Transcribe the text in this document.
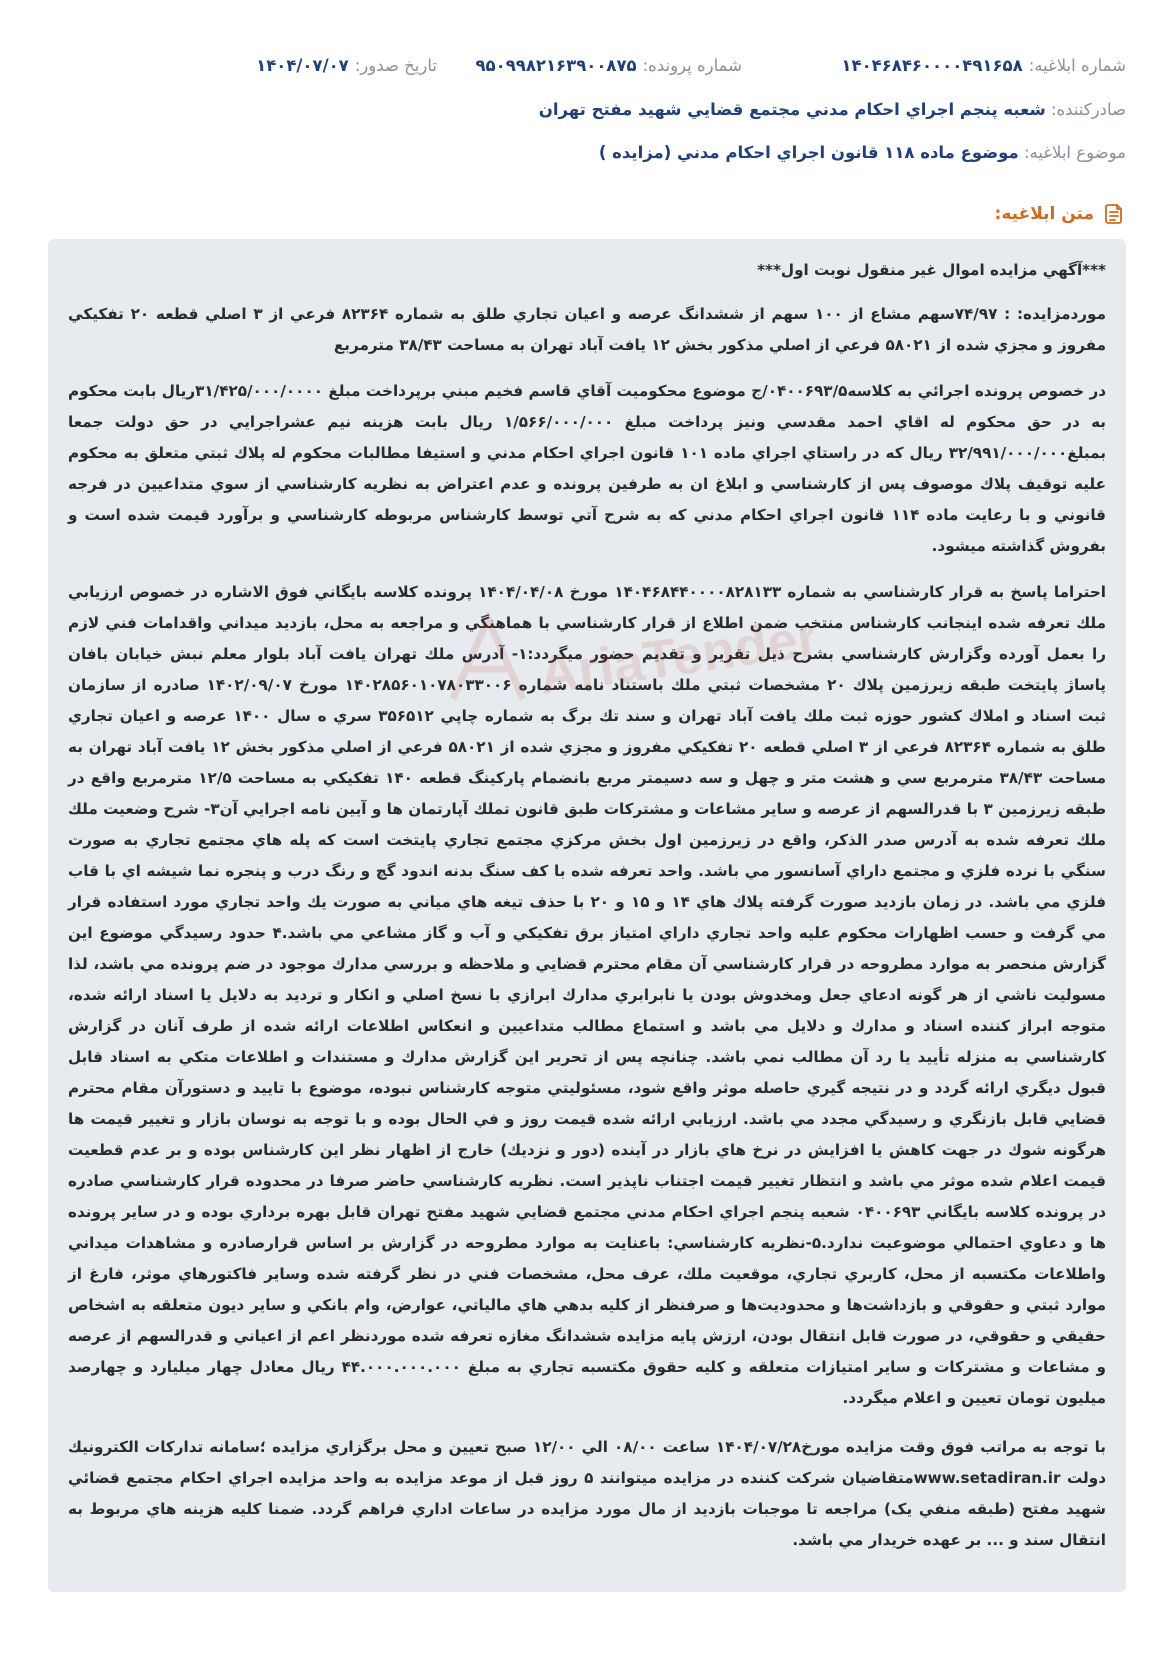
شماره ابلاغيه:
۱۴۰۴۶۸۴۶۰۰۰۰۴۹۱۶۵۸
شماره پرونده:
۹۵۰۹۹۸۲۱۶۳۹۰۰۸۷۵
تاريخ صدور:
۱۴۰۴/۰۷/۰۷
صادرکننده: شعبه پنجم اجراي احكام مدني مجتمع قضايي شهيد مفتح تهران
موضوع ابلاغيه: موضوع ماده ۱۱۸ قانون اجراي احكام مدني (مزايده )
متن ابلاغيه:
AriaTender.neT

***آگهي مزايده اموال غير منقول نوبت اول***

موردمزايده: : ۷۴/۹۷سهم مشاع از ۱۰۰ سهم از ششدانگ عرصه و اعيان تجاري طلق به شماره ۸۲۳۶۴ فرعي از ۳ اصلي قطعه ۲۰ تفكيكي مفروز و مجزي شده از ۵۸۰۲۱ فرعي از اصلي مذكور بخش ۱۲ يافت آباد تهران به مساحت ۳۸/۴۳ مترمربع

در خصوص پرونده اجرائي به كلاسه۰۴۰۰۶۹۳/۵/ج موضوع محكوميت آقاي قاسم فخيم مبني برپرداخت مبلغ ۳۱/۴۲۵/۰۰۰/۰۰۰۰ريال بابت محكوم به در حق محكوم له اقاي احمد مقدسي ونيز پرداخت مبلغ ۱/۵۶۶/۰۰۰/۰۰۰ ريال بابت هزينه نيم عشراجرايي در حق دولت جمعا بمبلغ۳۲/۹۹۱/۰۰۰/۰۰۰ ريال كه در راستاي اجراي ماده ۱۰۱ قانون اجراي احكام مدني و استيفا مطالبات محكوم له پلاك ثبتي متعلق به محكوم عليه توقيف پلاك موصوف پس از كارشناسي و ابلاغ ان به طرفين پرونده و عدم اعتراض به نظريه كارشناسي از سوي متداعيين در فرجه قانوني و با رعايت ماده ۱۱۴ قانون اجراي احكام مدني كه به شرح آتي توسط كارشناس مربوطه كارشناسي و برآورد قيمت شده است و بفروش گذاشته ميشود.

احتراما پاسخ به قرار كارشناسي به شماره ۱۴۰۴۶۸۴۴۰۰۰۰۸۲۸۱۳۳ مورخ ۱۴۰۴/۰۴/۰۸ پرونده كلاسه بايگاني فوق الاشاره در خصوص ارزيابي ملك تعرفه شده اينجانب كارشناس منتخب ضمن اطلاع از قرار كارشناسي با هماهنگي و مراجعه به محل، بازديد ميداني واقدامات فني لازم را بعمل آورده وگزارش كارشناسي بشرح ذيل تقرير و تقديم حضور ميگردد:۱- آدرس ملك تهران يافت آباد بلوار معلم نبش خيابان بافان پاساژ پايتخت طبقه زيرزمين پلاك ۲۰ مشخصات ثبتي ملك باستناد نامه شماره ۱۴۰۲۸۵۶۰۱۰۷۸۰۳۳۰۰۶ مورخ ۱۴۰۲/۰۹/۰۷ صادره از سازمان ثبت اسناد و املاك كشور حوزه ثبت ملك يافت آباد تهران و سند تك برگ به شماره چاپي ۳۵۶۵۱۲ سري ه سال ۱۴۰۰ عرصه و اعيان تجاري طلق به شماره ۸۲۳۶۴ فرعي از ۳ اصلي قطعه ۲۰ تفكيكي مفروز و مجزي شده از ۵۸۰۲۱ فرعي از اصلي مذكور بخش ۱۲ يافت آباد تهران به مساحت ۳۸/۴۳ مترمربع سي و هشت متر و چهل و سه دسيمتر مربع بانضمام پاركينگ قطعه ۱۴۰ تفكيكي به مساحت ۱۲/۵ مترمربع واقع در طبقه زيرزمين ۳ با قدرالسهم از عرصه و ساير مشاعات و مشتركات طبق قانون تملك آپارتمان ها و آيين نامه اجرايي آن۳- شرح وضعيت ملك ملك تعرفه شده به آدرس صدر الذكر، واقع در زيرزمين اول بخش مركزي مجتمع تجاري پايتخت است كه پله هاي مجتمع تجاري به صورت سنگي با نرده فلزي و مجتمع داراي آسانسور مي باشد. واحد تعرفه شده با كف سنگ بدنه اندود گچ و رنگ درب و پنجره نما شيشه اي با قاب فلزي مي باشد. در زمان بازديد صورت گرفته پلاك هاي ۱۴ و ۱۵ و ۲۰ با حذف تيغه هاي مياني به صورت يك واحد تجاري مورد استفاده قرار مي گرفت و حسب اظهارات محكوم عليه واحد تجاري داراي امتياز برق تفكيكي و آب و گاز مشاعي مي باشد.۴ حدود رسيدگي موضوع اين گزارش منحصر به موارد مطروحه در قرار كارشناسي آن مقام محترم قضايي و ملاحظه و بررسي مدارك موجود در ضم پرونده مي باشد، لذا مسوليت ناشي از هر گونه ادعاي جعل ومخدوش بودن يا نابرابري مدارك ابرازي با نسخ اصلي و انكار و ترديد به دلايل يا اسناد ارائه شده، متوجه ابراز كننده اسناد و مدارك و دلايل مي باشد و استماع مطالب متداعيين و انعكاس اطلاعات ارائه شده از طرف آنان در گزارش كارشناسي به منزله تأييد يا رد آن مطالب نمي باشد. چنانچه پس از تحرير اين گزارش مدارك و مستندات و اطلاعات متكي به اسناد قابل قبول ديگري ارائه گردد و در نتيجه گيري حاصله موثر واقع شود، مسئوليتي متوجه كارشناس نبوده، موضوع با تاييد و دستورآن مقام محترم قضايي قابل بازنگري و رسيدگي مجدد مي باشد. ارزيابي ارائه شده قيمت روز و في الحال بوده و با توجه به نوسان بازار و تغيير قيمت ها هرگونه شوك در جهت كاهش يا افزايش در نرخ هاي بازار در آينده (دور و نزديك) خارج از اظهار نظر اين كارشناس بوده و بر عدم قطعيت قيمت اعلام شده موثر مي باشد و انتظار تغيير قيمت اجتناب ناپذير است. نظريه كارشناسي حاضر صرفا در محدوده قرار كارشناسي صادره در پرونده كلاسه بايگاني ۰۴۰۰۶۹۳ شعبه پنجم اجراي احكام مدني مجتمع قضايي شهيد مفتح تهران قابل بهره برداري بوده و در ساير پرونده ها و دعاوي احتمالي موضوعيت ندارد.۵-نظريه كارشناسي: باعنايت به موارد مطروحه در گزارش بر اساس قرارصادره و مشاهدات ميداني واطلاعات مكتسبه از محل، كاربري تجاري، موقعيت ملك، عرف محل، مشخصات فني در نظر گرفته شده وساير فاكتورهاي موثر، فارغ از موارد ثبتي و حقوقي و بازداشت‌ها و محدوديت‌ها و صرفنظر از كليه بدهي هاي مالياتي، عوارض، وام بانكي و ساير ديون متعلقه به اشخاص حقيقي و حقوقي، در صورت قابل انتقال بودن، ارزش پايه مزايده ششدانگ مغازه تعرفه شده موردنظر اعم از اعياني و قدرالسهم از عرصه و مشاعات و مشتركات و ساير امتيازات متعلقه و كليه حقوق مكتسبه تجاري به مبلغ ۴۴.۰۰۰.۰۰۰.۰۰۰ ريال معادل چهار ميليارد و چهارصد ميليون تومان تعيين و اعلام ميگردد.

با توجه به مراتب فوق وقت مزايده مورخ۱۴۰۴/۰۷/۲۸ ساعت ۰۸/۰۰ الي ۱۲/۰۰ صبح تعيين و محل برگزاري مزايده ؛سامانه تداركات الكترونيك دولت www.setadiran.irمتقاضيان شركت كننده در مزايده ميتوانند ۵ روز قبل از موعد مزايده به واحد مزايده اجراي احكام مجتمع قضائي شهيد مفتح (طبقه منفي يک) مراجعه تا موجبات بازديد از مال مورد مزايده در ساعات اداري فراهم گردد. ضمنا كليه هزينه هاي مربوط به انتقال سند و ... بر عهده خريدار مي باشد.
